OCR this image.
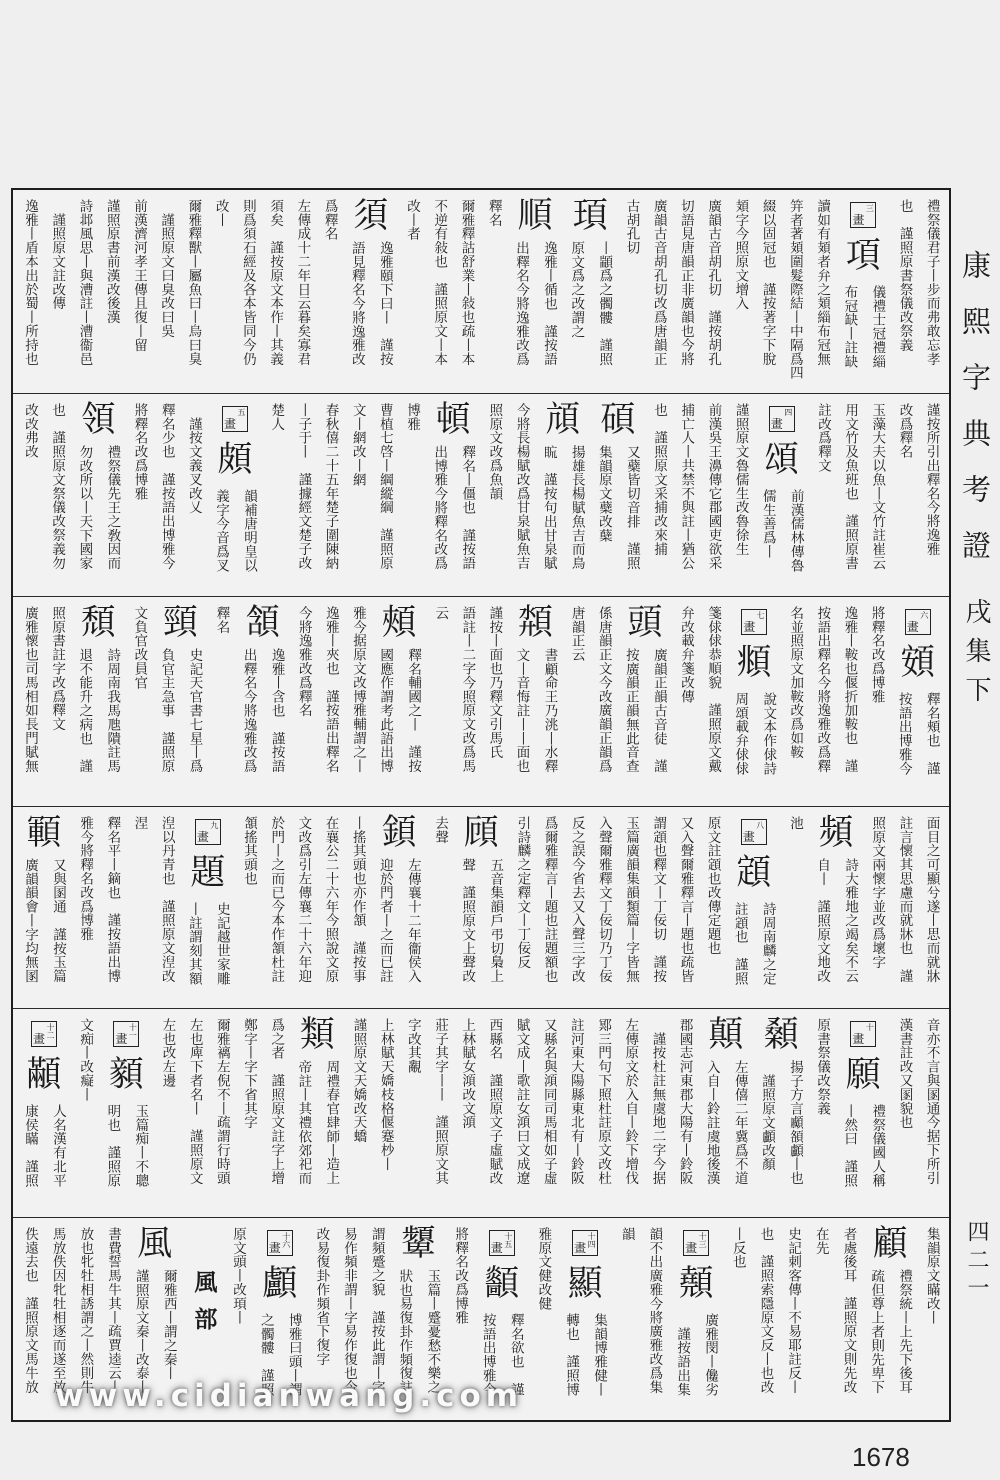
禮祭儀君子丨步而弗敢忘孝
也　謹照原書祭儀改祭義
三
畫
項
儀禮士冠禮緇
布冠缺丨註缺
讀如有頍者弁之頍緇布冠無
笄者著頍圍髮際結丨中隔爲四
綴以固冠也　謹按著字下脫
頍字今照原文增入
廣韻古音胡孔切　謹按胡孔
切語見唐韻正非廣韻也今將
廣韻古音胡孔切改爲唐韻正
古胡孔切
頊
丨顓爲之髑髏　謹照
原文爲之改謂之
順
逸雅丨循也　謹按語
出釋名今將逸雅改爲
釋名
爾雅釋詁舒業丨敍也疏丨本
不逆有敍也　謹照原文丨本
改丨者
須
逸雅頤下曰丨　謹按
語見釋名今將逸雅改
爲釋名
左傳成十二年日云暮矣寡君
須矣　謹按原文本作丨其義
則爲須石經及各本皆同今仍
改丨
爾雅釋獸丨屬魚曰丨烏曰臭
　謹照原文曰臭改曰吳
前漢濟河孝王傳且復丨留
謹照原書前漢改後漢
詩邶風思丨與漕註丨漕衞邑
　謹照原文註改傳
逸雅丨盾本出於蜀丨所持也
謹按所引出釋名今將逸雅
改爲釋名
玉藻大夫以魚丨文竹註崔云
用文竹及魚班也　謹照原書
註改爲釋文
四
畫
頌
前漢儒林傳魯
儒生善爲丨
謹照原文魯儒生改魯徐生
前漢吳王濞傳它郡國吏欲采
捕亡人丨共禁不與註丨猶公
也　謹照原文采捕改來捕
碩
又蘗皆切音排　謹照
集韻原文蘗改蘖
頏
揚雄長楊賦魚吉而鳥
䀮　謹按句出甘泉賦
今將長楊賦改爲甘泉賦魚吉
照原文改爲魚頡
頓
釋名丨僵也　謹按語
出博雅今將釋名改爲
博雅
曹植七啓丨綱縱綱　謹照原
文丨網改丨網
春秋僖二十五年楚子圍陳納
丨子于丨　謹據經文楚子改
楚人
五
畫
頗
韻補唐明皇以
義字今音爲叉
　謹按文義叉改乂
釋名少也　謹按語出博雅今
將釋名改爲博雅
領
禮祭儀先王之敎因而
勿改所以丨天下國家
也　謹照原文祭儀改祭義勿
改改弗改
六
畫
頞
釋名頰也　謹
按語出博雅今
將釋名改爲博雅
逸雅丨鞍也偃折加鞍也　謹
按語出釋名今將逸雅改爲釋
名並照原文加鞍改爲如鞍
七
畫
頫
說文本作俅詩
周頌載弁俅俅
箋俅俅恭順貌　謹照原文戴
弁改載弁箋改傳
頭
廣韻正韻古音徒　謹
按廣韻正韻無此音查
係唐韻正文今改廣韻正韻爲
唐韻正云
頮
書顧命王乃洮丨水釋
文丨音悔註丨丨面也
謹按丨面也乃釋文引馬氏
語註丨二字今照原文改爲馬
云
頰
釋名輔國之丨　謹按
國應作謂考此語出博
雅今据原文改博雅輔謂之丨
逸雅丨夾也　謹按語出釋名
今將逸雅改爲釋名
頷
逸雅丨含也　謹按語
出釋名今將逸雅改爲
釋名
頸
史記天官書七星丨爲
負官主急事　謹照原
文負官改員官
頹
詩周南我馬虺隤註馬
退不能升之病也　謹
照原書註字改爲釋文
廣雅懷也司馬相如長門賦無
面目之可顯兮遂丨思而就牀
註言懷其思慮而就牀也　謹
照原文兩懷字並改爲壞字
頻
詩大雅地之竭矣不云
自丨　謹照原文地改
池
八
畫
顁
詩周南麟之定
註顁也　謹照
原文註顁也改傳定題也
又入聲爾雅釋言丨題也疏皆
謂顁也釋文丨丁佞切　謹按
玉篇廣韻集韻類篇丨字皆無
入聲爾雅釋文丁佞切乃丁佞
反之誤今省去又入聲三字改
爲爾雅釋言丨題也註題額也
引詩麟之定釋文丨丁佞反
頋
五音集韻戶弔切梟上
聲　謹照原文上聲改
去聲
顉
左傳襄十二年衞侯入
迎於門者丨之而已註
丨搖其頭也亦作頷　謹按事
在襄公二十六年今照說文原
文改爲引左傳襄二十六年迎
於門丨之而已今本作頷杜註
頷搖其頭也
九
畫
題
史記越世家雕
丨註謂刻其額
湼以丹青也　謹照原文湼改
涅
釋名平丨鏑也　謹按語出博
雅今將釋名改爲博雅
顐
又與圂通　謹按玉篇
廣韻韻會丨字均無圂
音亦不言與圂通今据下所引
漢書註改又圂貌也
十
畫
願
禮祭儀國人稱
丨然曰　謹照
原書祭儀改祭義
顙
揚子方言顣頟顱丨也
　謹照原文顱改顏
顛
左傳僖二年冀爲不道
入自丨鈴註虞地後漢
郡國志河東郡大陽有丨鈴阪
　謹按杜註無虞地二字今据
左傳原文於入自丨鈴下增伐
鄍三門句下照杜註原文改杜
註河東大陽縣東北有丨鈴阪
又縣名與澒同司馬相如子虛
賦文成丨歌註女澒曰文成遼
西縣名　謹照原文子虛賦改
上林賦女澒改文澒
莊子其字丨丨　謹照原文其
字改其覶
上林賦天嬌枝格偃蹇杪丨
謹照原文天嬌改天蟜
類
周禮春官肆師丨造上
帝註丨其禮依郊祀而
爲之者　謹照原文註字上增
鄭字丨字下省其字
爾雅褵左倪不丨疏謂行時頭
左也庳下者名丨　謹照原文
左也改左邊
十一
畫
顡
玉篇痴丨不聰
明也　謹照原
文痴丨改癡丨
十二
畫
顢
人名漢有北平
康侯瞞　謹照
集韻原文瞞改丨
顧
禮祭統丨上先下後耳
疏但尊上者則先卑下
者處後耳　謹照原文則先改
在先
史記刺客傳丨不易耶註反丨
也　謹照索隱原文反丨也改
丨反也
十三
畫
顤
廣雅閔丨儳劣
　謹按語出集
韻不出廣雅今將廣雅改爲集
韻
十四
畫
顯
集韻博雅健丨
轉也　謹照博
雅原文健改健
十五
畫
顲
釋名欲也　謹
按語出博雅今
將釋名改爲博雅
顰
玉篇丨蹙憂愁不樂之
狀也易復卦作頻復註
謂頻蹙之貌　謹按此謂丨字
易作頻非謂丨字易作復也今
改易復卦作頻省下復字
十六
畫
顱
博雅曰頭丨謂
之髑髏　謹照
原文頭丨改頊丨
風部
風
爾雅西丨謂之秦丨
謹照原文秦丨改泰丨
書費誓馬牛其丨疏賈逵云丨
放也牝牡相誘謂之丨然則牛
馬放佚因牝牡相逐而遂至放
佚遠去也　謹照原文馬牛放
康熙字典考證
戌集下
四二一
1678
www.cidianwang.com
